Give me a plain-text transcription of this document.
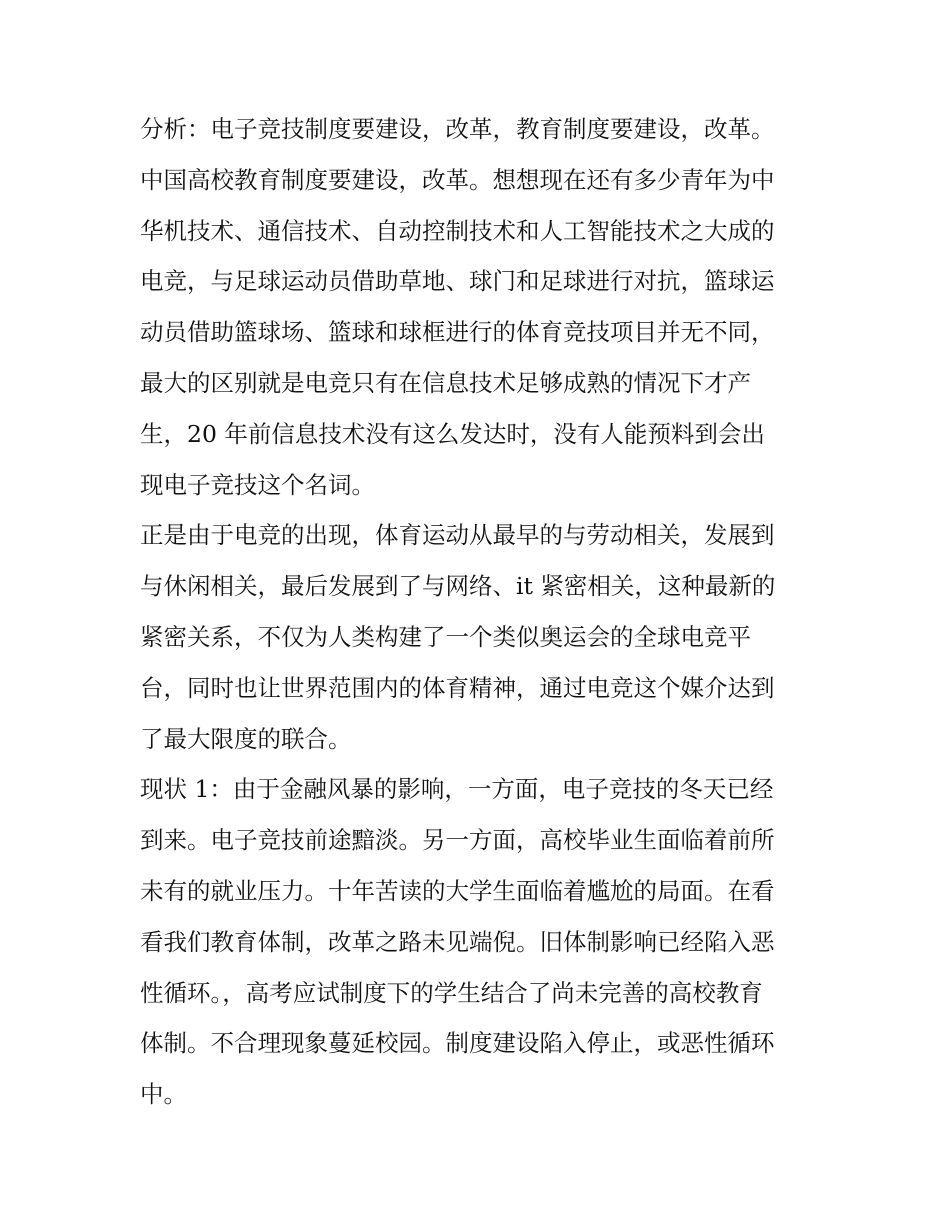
分析：电子竞技制度要建设，改革，教育制度要建设，改革。
中国高校教育制度要建设，改革。想想现在还有多少青年为中
华机技术、通信技术、自动控制技术和人工智能技术之大成的
电竞，与足球运动员借助草地、球门和足球进行对抗，篮球运
动员借助篮球场、篮球和球框进行的体育竞技项目并无不同，
最大的区别就是电竞只有在信息技术足够成熟的情况下才产
生，20 年前信息技术没有这么发达时，没有人能预料到会出
现电子竞技这个名词。
正是由于电竞的出现，体育运动从最早的与劳动相关，发展到
与休闲相关，最后发展到了与网络、it 紧密相关，这种最新的
紧密关系，不仅为人类构建了一个类似奥运会的全球电竞平
台，同时也让世界范围内的体育精神，通过电竞这个媒介达到
了最大限度的联合。
现状 1：由于金融风暴的影响，一方面，电子竞技的冬天已经
到来。电子竞技前途黯淡。另一方面，高校毕业生面临着前所
未有的就业压力。十年苦读的大学生面临着尴尬的局面。在看
看我们教育体制，改革之路未见端倪。旧体制影响已经陷入恶
性循环。，高考应试制度下的学生结合了尚未完善的高校教育
体制。不合理现象蔓延校园。制度建设陷入停止，或恶性循环
中。
